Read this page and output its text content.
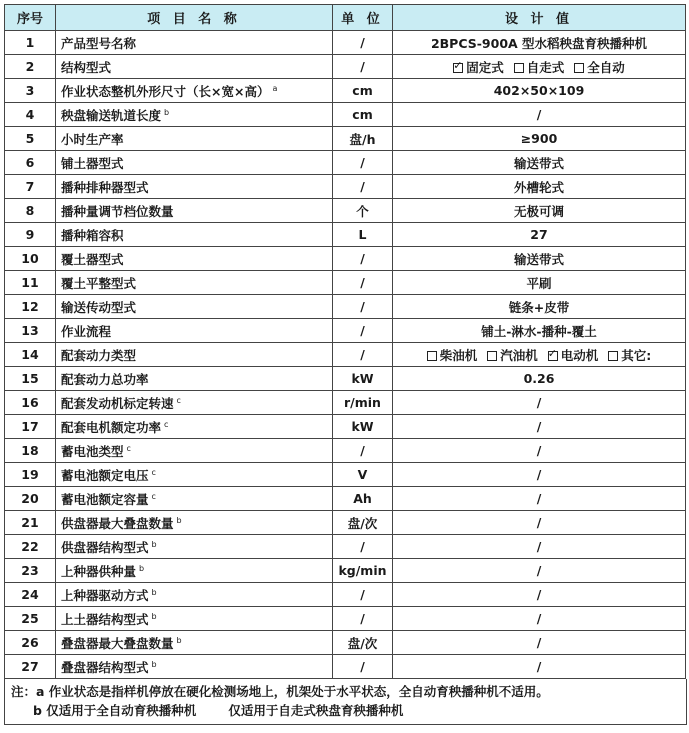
序号	项 目 名 称	单 位	设 计 值
1	产品型号名称	/	2BPCS-900A 型水稻秧盘育秧播种机
2	结构型式	/	✓固定式 自走式 全自动
3	作业状态整机外形尺寸（长×宽×高） $^a$	cm	402×50×109
4	秧盘输送轨道长度 $^b$	cm	/
5	小时生产率	盘/h	≥900
6	铺土器型式	/	输送带式
7	播种排种器型式	/	外槽轮式
8	播种量调节档位数量	个	无极可调
9	播种箱容积	L	27
10	覆土器型式	/	输送带式
11	覆土平整型式	/	平刷
12	输送传动型式	/	链条+皮带
13	作业流程	/	铺土-淋水-播种-覆土
14	配套动力类型	/	柴油机 汽油机 ✓ 电动机 其它:
15	配套动力总功率	kW	0.26
16	配套发动机标定转速 $^c$	r/min	/
17	配套电机额定功率 $^c$	kW	/
18	蓄电池类型 $^c$	/	/
19	蓄电池额定电压 $^c$	V	/
20	蓄电池额定容量 $^c$	Ah	/
21	供盘器最大叠盘数量 $^b$	盘/次	/
22	供盘器结构型式 $^b$	/	/
23	上种器供种量 $^b$	kg/min	/
24	上种器驱动方式 $^b$	/	/
25	上土器结构型式 $^b$	/	/
26	叠盘器最大叠盘数量 $^b$	盘/次	/
27	叠盘器结构型式 $^b$	/	/
注：a 作业状态是指样机停放在硬化检测场地上，机架处于水平状态，全自动育秧播种机不适用。
b 仅适用于全自动育秧播种机	仅适用于自走式秧盘育秧播种机
